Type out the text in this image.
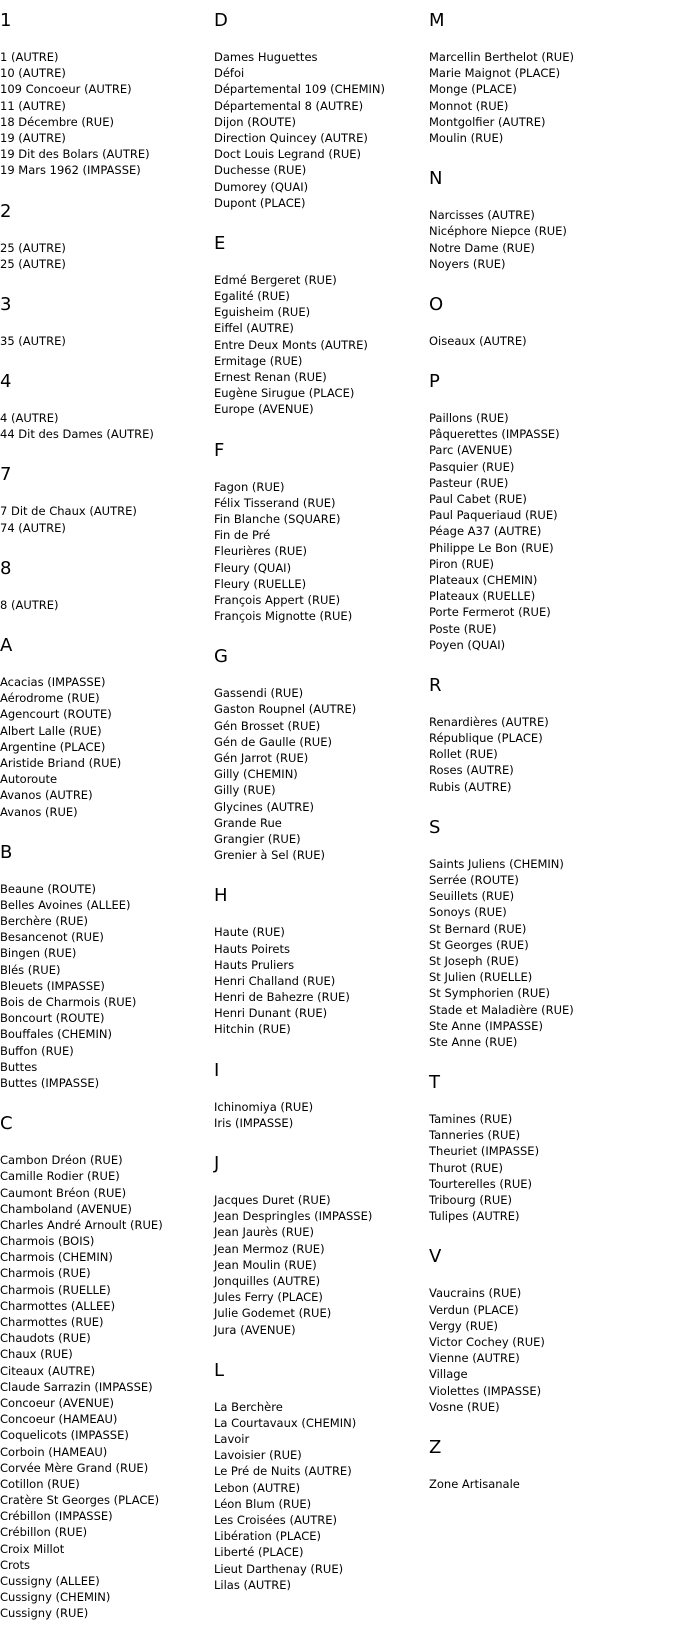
1
1 (AUTRE)
10 (AUTRE)
109 Concoeur (AUTRE)
11 (AUTRE)
18 Décembre (RUE)
19 (AUTRE)
19 Dit des Bolars (AUTRE)
19 Mars 1962 (IMPASSE)
2
25 (AUTRE)
25 (AUTRE)
3
35 (AUTRE)
4
4 (AUTRE)
44 Dit des Dames (AUTRE)
7
7 Dit de Chaux (AUTRE)
74 (AUTRE)
8
8 (AUTRE)
A
Acacias (IMPASSE)
Aérodrome (RUE)
Agencourt (ROUTE)
Albert Lalle (RUE)
Argentine (PLACE)
Aristide Briand (RUE)
Autoroute
Avanos (AUTRE)
Avanos (RUE)
B
Beaune (ROUTE)
Belles Avoines (ALLEE)
Berchère (RUE)
Besancenot (RUE)
Bingen (RUE)
Blés (RUE)
Bleuets (IMPASSE)
Bois de Charmois (RUE)
Boncourt (ROUTE)
Bouffales (CHEMIN)
Buffon (RUE)
Buttes
Buttes (IMPASSE)
C
Cambon Dréon (RUE)
Camille Rodier (RUE)
Caumont Bréon (RUE)
Chamboland (AVENUE)
Charles André Arnoult (RUE)
Charmois (BOIS)
Charmois (CHEMIN)
Charmois (RUE)
Charmois (RUELLE)
Charmottes (ALLEE)
Charmottes (RUE)
Chaudots (RUE)
Chaux (RUE)
Citeaux (AUTRE)
Claude Sarrazin (IMPASSE)
Concoeur (AVENUE)
Concoeur (HAMEAU)
Coquelicots (IMPASSE)
Corboin (HAMEAU)
Corvée Mère Grand (RUE)
Cotillon (RUE)
Cratère St Georges (PLACE)
Crébillon (IMPASSE)
Crébillon (RUE)
Croix Millot
Crots
Cussigny (ALLEE)
Cussigny (CHEMIN)
Cussigny (RUE)
D
Dames Huguettes
Défoi
Départemental 109 (CHEMIN)
Départemental 8 (AUTRE)
Dijon (ROUTE)
Direction Quincey (AUTRE)
Doct Louis Legrand (RUE)
Duchesse (RUE)
Dumorey (QUAI)
Dupont (PLACE)
E
Edmé Bergeret (RUE)
Egalité (RUE)
Eguisheim (RUE)
Eiffel (AUTRE)
Entre Deux Monts (AUTRE)
Ermitage (RUE)
Ernest Renan (RUE)
Eugène Sirugue (PLACE)
Europe (AVENUE)
F
Fagon (RUE)
Félix Tisserand (RUE)
Fin Blanche (SQUARE)
Fin de Pré
Fleurières (RUE)
Fleury (QUAI)
Fleury (RUELLE)
François Appert (RUE)
François Mignotte (RUE)
G
Gassendi (RUE)
Gaston Roupnel (AUTRE)
Gén Brosset (RUE)
Gén de Gaulle (RUE)
Gén Jarrot (RUE)
Gilly (CHEMIN)
Gilly (RUE)
Glycines (AUTRE)
Grande Rue
Grangier (RUE)
Grenier à Sel (RUE)
H
Haute (RUE)
Hauts Poirets
Hauts Pruliers
Henri Challand (RUE)
Henri de Bahezre (RUE)
Henri Dunant (RUE)
Hitchin (RUE)
I
Ichinomiya (RUE)
Iris (IMPASSE)
J
Jacques Duret (RUE)
Jean Despringles (IMPASSE)
Jean Jaurès (RUE)
Jean Mermoz (RUE)
Jean Moulin (RUE)
Jonquilles (AUTRE)
Jules Ferry (PLACE)
Julie Godemet (RUE)
Jura (AVENUE)
L
La Berchère
La Courtavaux (CHEMIN)
Lavoir
Lavoisier (RUE)
Le Pré de Nuits (AUTRE)
Lebon (AUTRE)
Léon Blum (RUE)
Les Croisées (AUTRE)
Libération (PLACE)
Liberté (PLACE)
Lieut Darthenay (RUE)
Lilas (AUTRE)
M
Marcellin Berthelot (RUE)
Marie Maignot (PLACE)
Monge (PLACE)
Monnot (RUE)
Montgolfier (AUTRE)
Moulin (RUE)
N
Narcisses (AUTRE)
Nicéphore Niepce (RUE)
Notre Dame (RUE)
Noyers (RUE)
O
Oiseaux (AUTRE)
P
Paillons (RUE)
Pâquerettes (IMPASSE)
Parc (AVENUE)
Pasquier (RUE)
Pasteur (RUE)
Paul Cabet (RUE)
Paul Paqueriaud (RUE)
Péage A37 (AUTRE)
Philippe Le Bon (RUE)
Piron (RUE)
Plateaux (CHEMIN)
Plateaux (RUELLE)
Porte Fermerot (RUE)
Poste (RUE)
Poyen (QUAI)
R
Renardières (AUTRE)
République (PLACE)
Rollet (RUE)
Roses (AUTRE)
Rubis (AUTRE)
S
Saints Juliens (CHEMIN)
Serrée (ROUTE)
Seuillets (RUE)
Sonoys (RUE)
St Bernard (RUE)
St Georges (RUE)
St Joseph (RUE)
St Julien (RUELLE)
St Symphorien (RUE)
Stade et Maladière (RUE)
Ste Anne (IMPASSE)
Ste Anne (RUE)
T
Tamines (RUE)
Tanneries (RUE)
Theuriet (IMPASSE)
Thurot (RUE)
Tourterelles (RUE)
Tribourg (RUE)
Tulipes (AUTRE)
V
Vaucrains (RUE)
Verdun (PLACE)
Vergy (RUE)
Victor Cochey (RUE)
Vienne (AUTRE)
Village
Violettes (IMPASSE)
Vosne (RUE)
Z
Zone Artisanale
